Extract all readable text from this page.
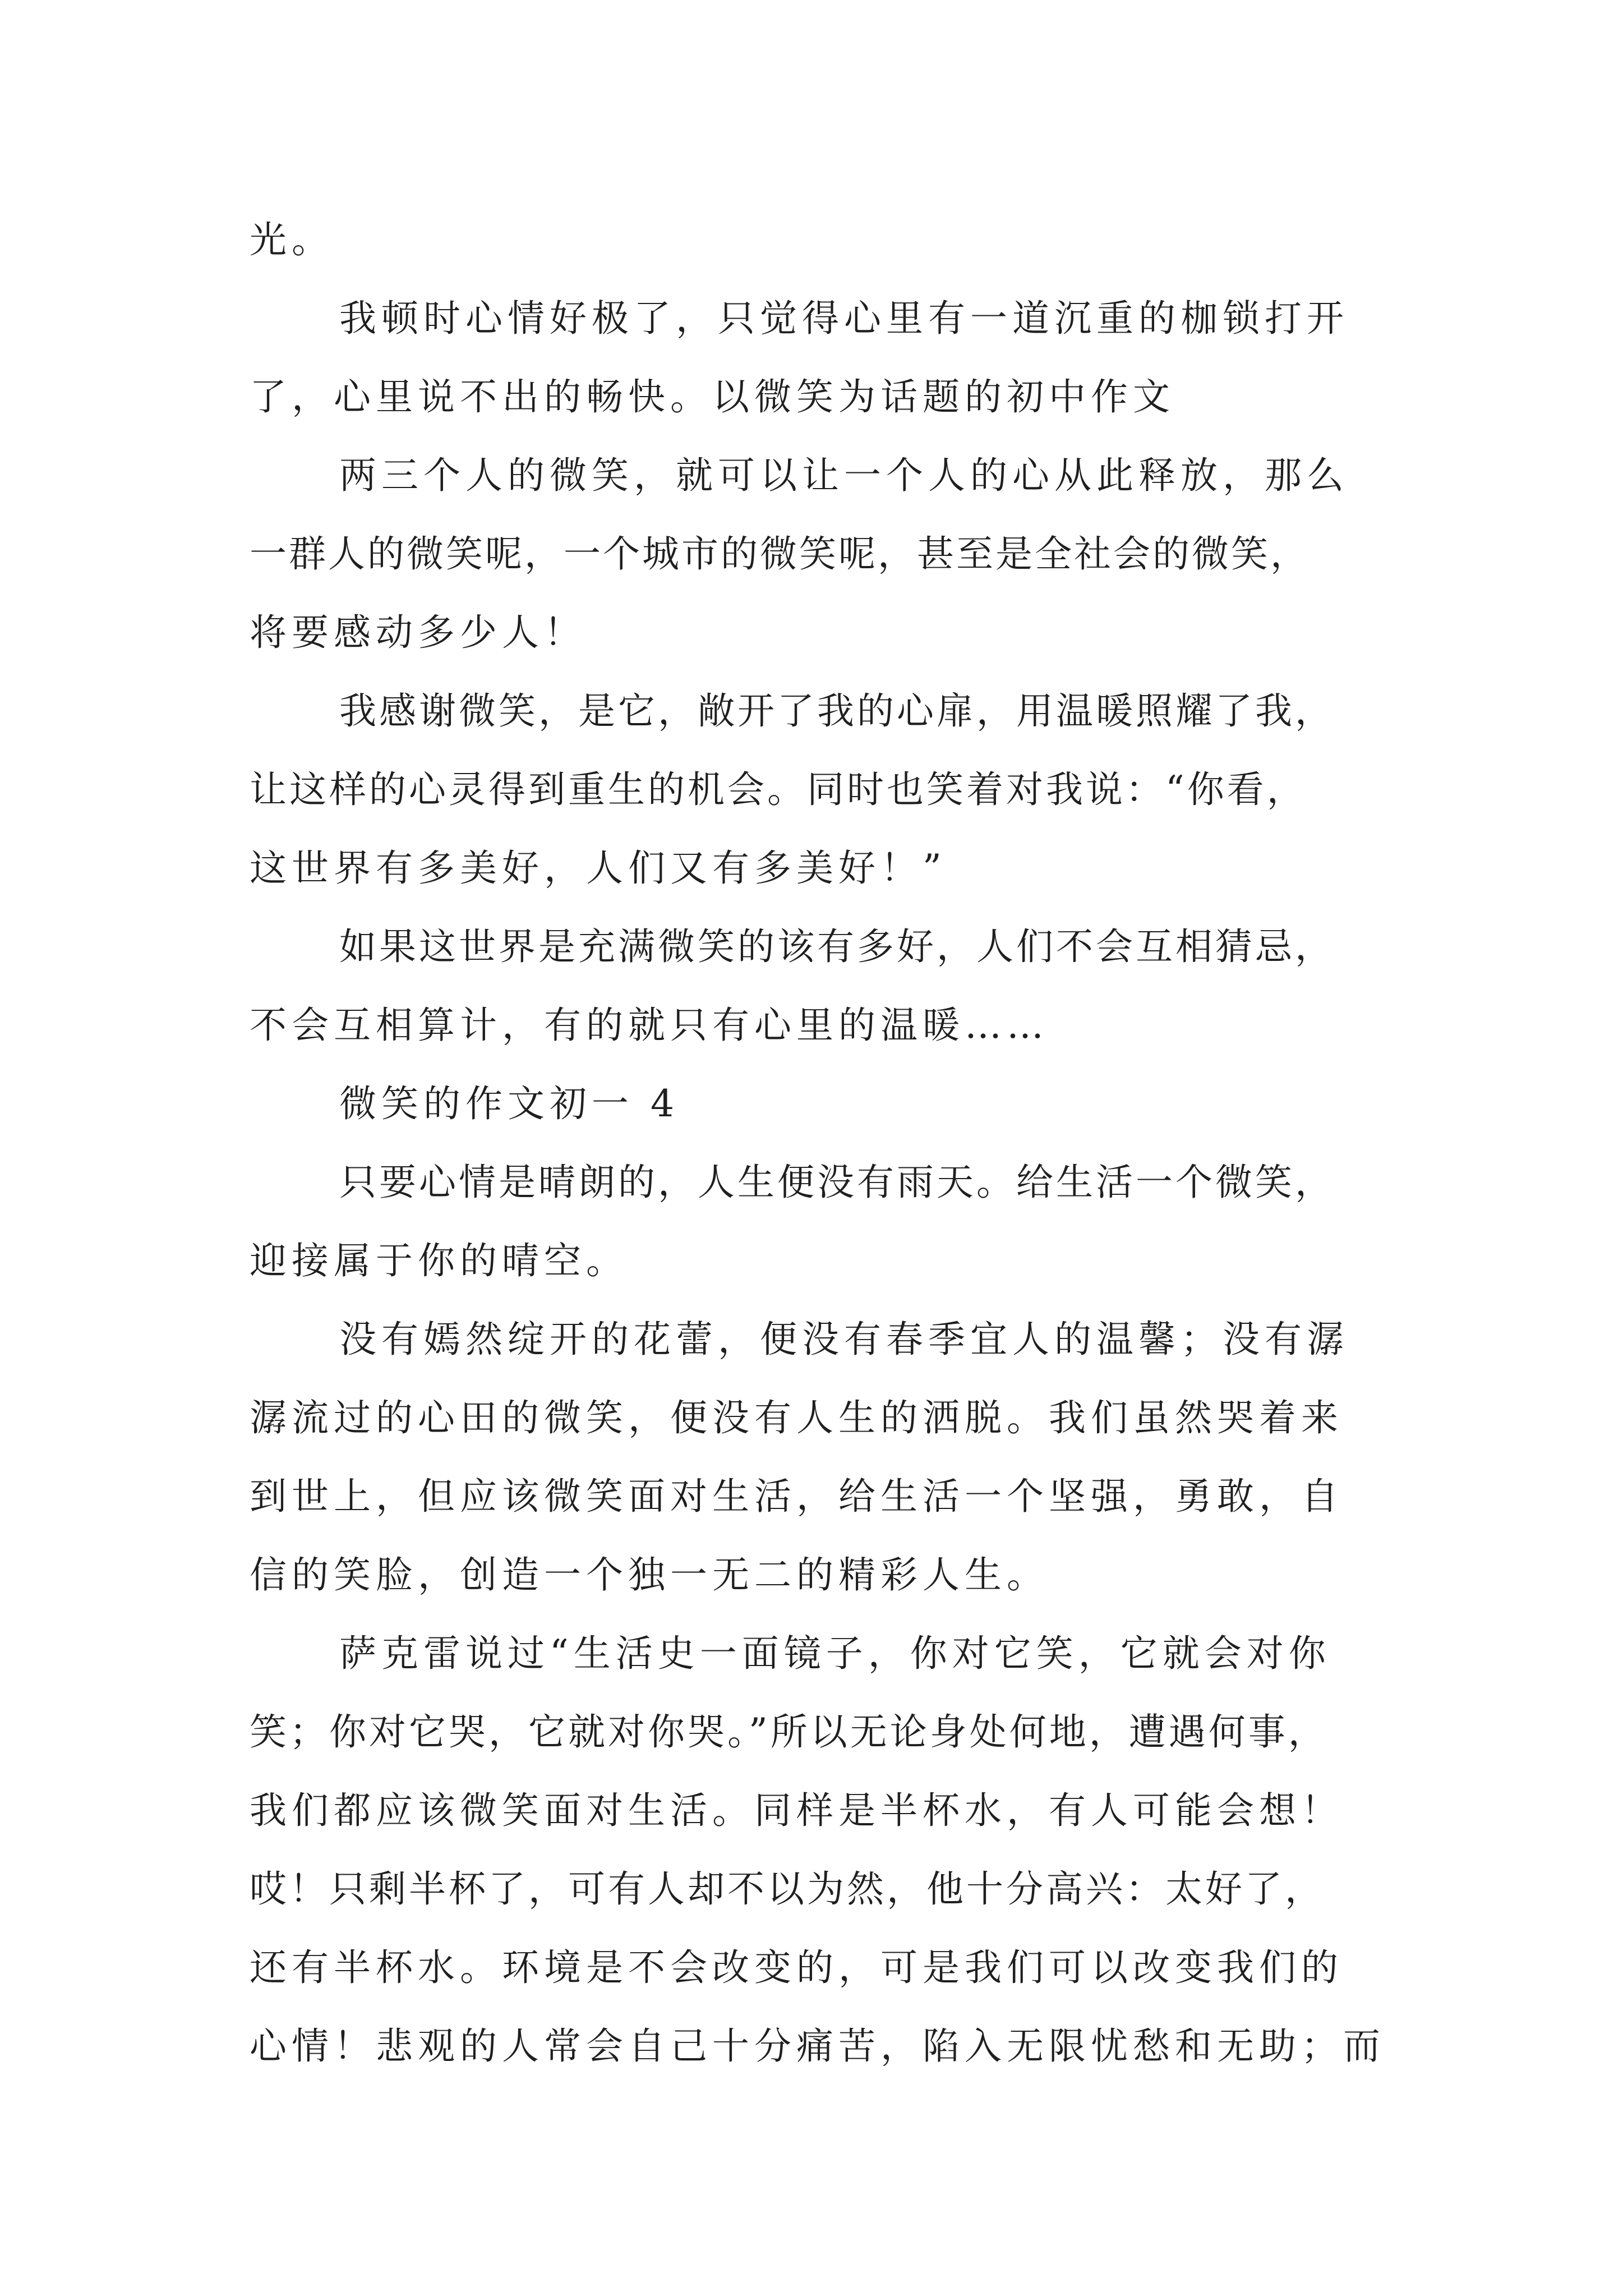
光。

我顿时心情好极了，只觉得心里有一道沉重的枷锁打开

了，心里说不出的畅快。以微笑为话题的初中作文

两三个人的微笑，就可以让一个人的心从此释放，那么

一群人的微笑呢，一个城市的微笑呢，甚至是全社会的微笑，

将要感动多少人！

我感谢微笑，是它，敞开了我的心扉，用温暖照耀了我，

让这样的心灵得到重生的机会。同时也笑着对我说：“你看，

这世界有多美好，人们又有多美好！”

如果这世界是充满微笑的该有多好，人们不会互相猜忌，

不会互相算计，有的就只有心里的温暖……

微笑的作文初一 4

只要心情是晴朗的，人生便没有雨天。给生活一个微笑，

迎接属于你的晴空。

没有嫣然绽开的花蕾，便没有春季宜人的温馨；没有潺

潺流过的心田的微笑，便没有人生的洒脱。我们虽然哭着来

到世上，但应该微笑面对生活，给生活一个坚强，勇敢，自

信的笑脸，创造一个独一无二的精彩人生。

萨克雷说过“生活史一面镜子，你对它笑，它就会对你

笑；你对它哭，它就对你哭。”所以无论身处何地，遭遇何事，

我们都应该微笑面对生活。同样是半杯水，有人可能会想！

哎！只剩半杯了，可有人却不以为然，他十分高兴：太好了，

还有半杯水。环境是不会改变的，可是我们可以改变我们的

心情！悲观的人常会自己十分痛苦，陷入无限忧愁和无助；而
